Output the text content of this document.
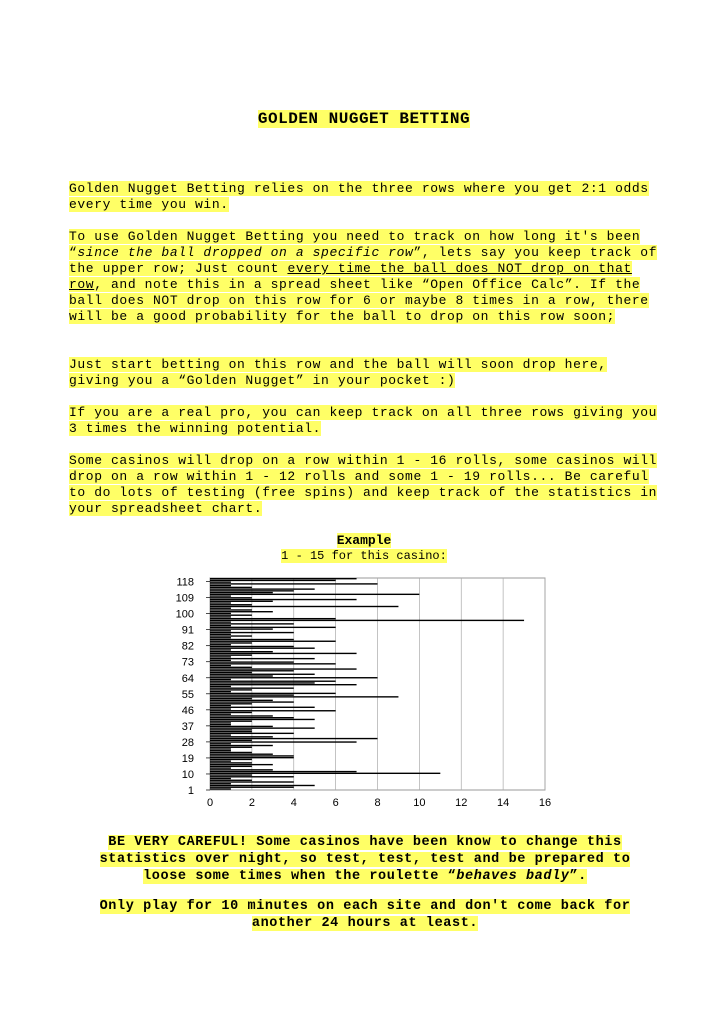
GOLDEN NUGGET BETTING
Golden Nugget Betting relies on the three rows where you get 2:1 odds every time you win.
To use Golden Nugget Betting you need to track on how long it's been “since the ball dropped on a specific row”, lets say you keep track of the upper row; Just count every time the ball does NOT drop on that row, and note this in a spread sheet like “Open Office Calc”. If the ball does NOT drop on this row for 6 or maybe 8 times in a row, there will be a good probability for the ball to drop on this row soon;
Just start betting on this row and the ball will soon drop here, giving you a “Golden Nugget” in your pocket :)
If you are a real pro, you can keep track on all three rows giving you 3 times the winning potential.
Some casinos will drop on a row within 1 - 16 rolls, some casinos will drop on a row within 1 - 12 rolls and some 1 - 19 rolls... Be careful to do lots of testing (free spins) and keep track of the statistics in your spreadsheet chart.
Example
1 - 15 for this casino:
0	2	4	6	8	10	12	14	16
1
10
19
28
37
46
55
64
73
82
91
100
109
118
BE VERY CAREFUL! Some casinos have been know to change this statistics over night, so test, test, test and be prepared to loose some times when the roulette “behaves badly”.
Only play for 10 minutes on each site and don't come back for another 24 hours at least.
